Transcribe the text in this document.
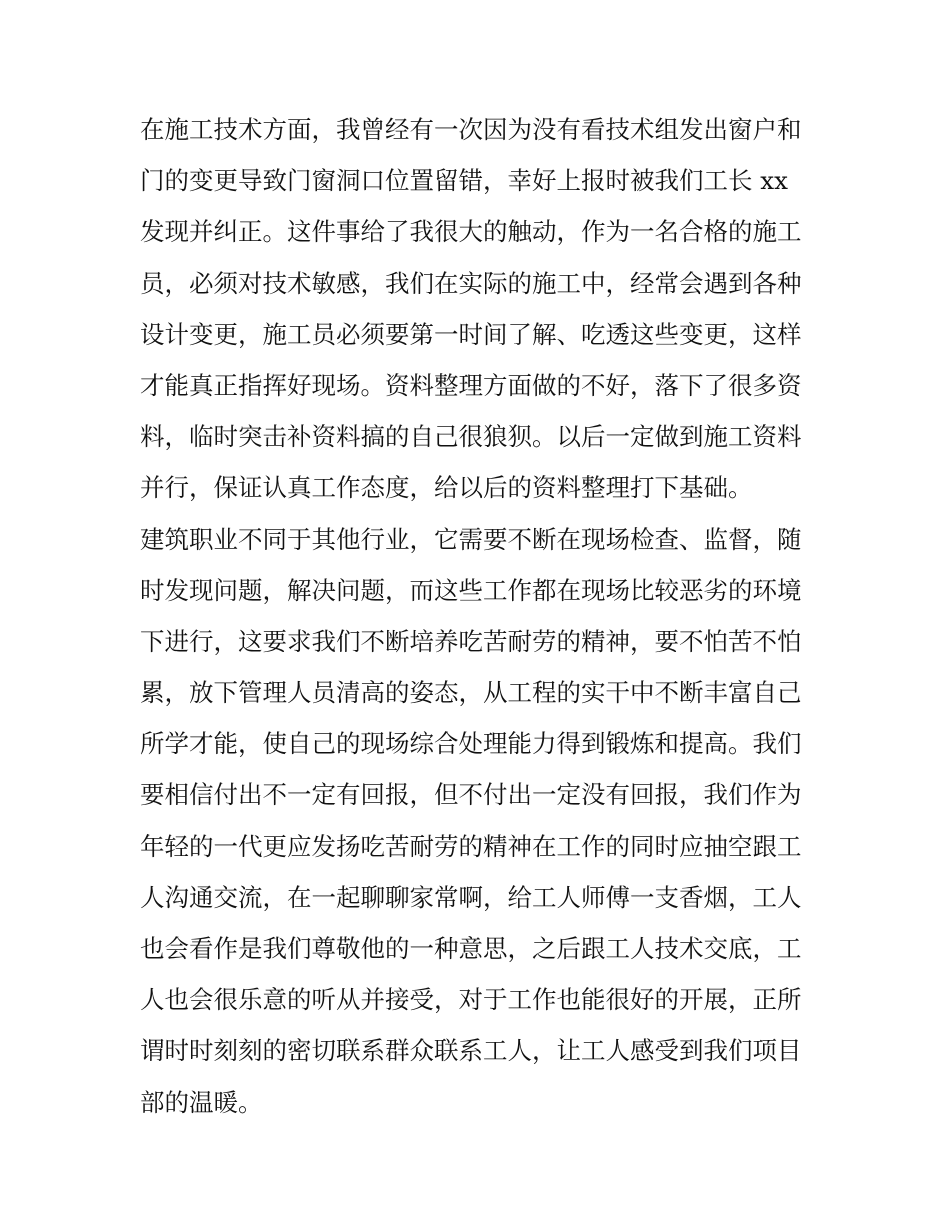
在施工技术方面，我曾经有一次因为没有看技术组发出窗户和
门的变更导致门窗洞口位置留错，幸好上报时被我们工长 xx
发现并纠正。这件事给了我很大的触动，作为一名合格的施工
员，必须对技术敏感，我们在实际的施工中，经常会遇到各种
设计变更，施工员必须要第一时间了解、吃透这些变更，这样
才能真正指挥好现场。资料整理方面做的不好，落下了很多资
料，临时突击补资料搞的自己很狼狈。以后一定做到施工资料
并行，保证认真工作态度，给以后的资料整理打下基础。
建筑职业不同于其他行业，它需要不断在现场检查、监督，随
时发现问题，解决问题，而这些工作都在现场比较恶劣的环境
下进行，这要求我们不断培养吃苦耐劳的精神，要不怕苦不怕
累，放下管理人员清高的姿态，从工程的实干中不断丰富自己
所学才能，使自己的现场综合处理能力得到锻炼和提高。我们
要相信付出不一定有回报，但不付出一定没有回报，我们作为
年轻的一代更应发扬吃苦耐劳的精神在工作的同时应抽空跟工
人沟通交流，在一起聊聊家常啊，给工人师傅一支香烟，工人
也会看作是我们尊敬他的一种意思，之后跟工人技术交底，工
人也会很乐意的听从并接受，对于工作也能很好的开展，正所
谓时时刻刻的密切联系群众联系工人，让工人感受到我们项目
部的温暖。
